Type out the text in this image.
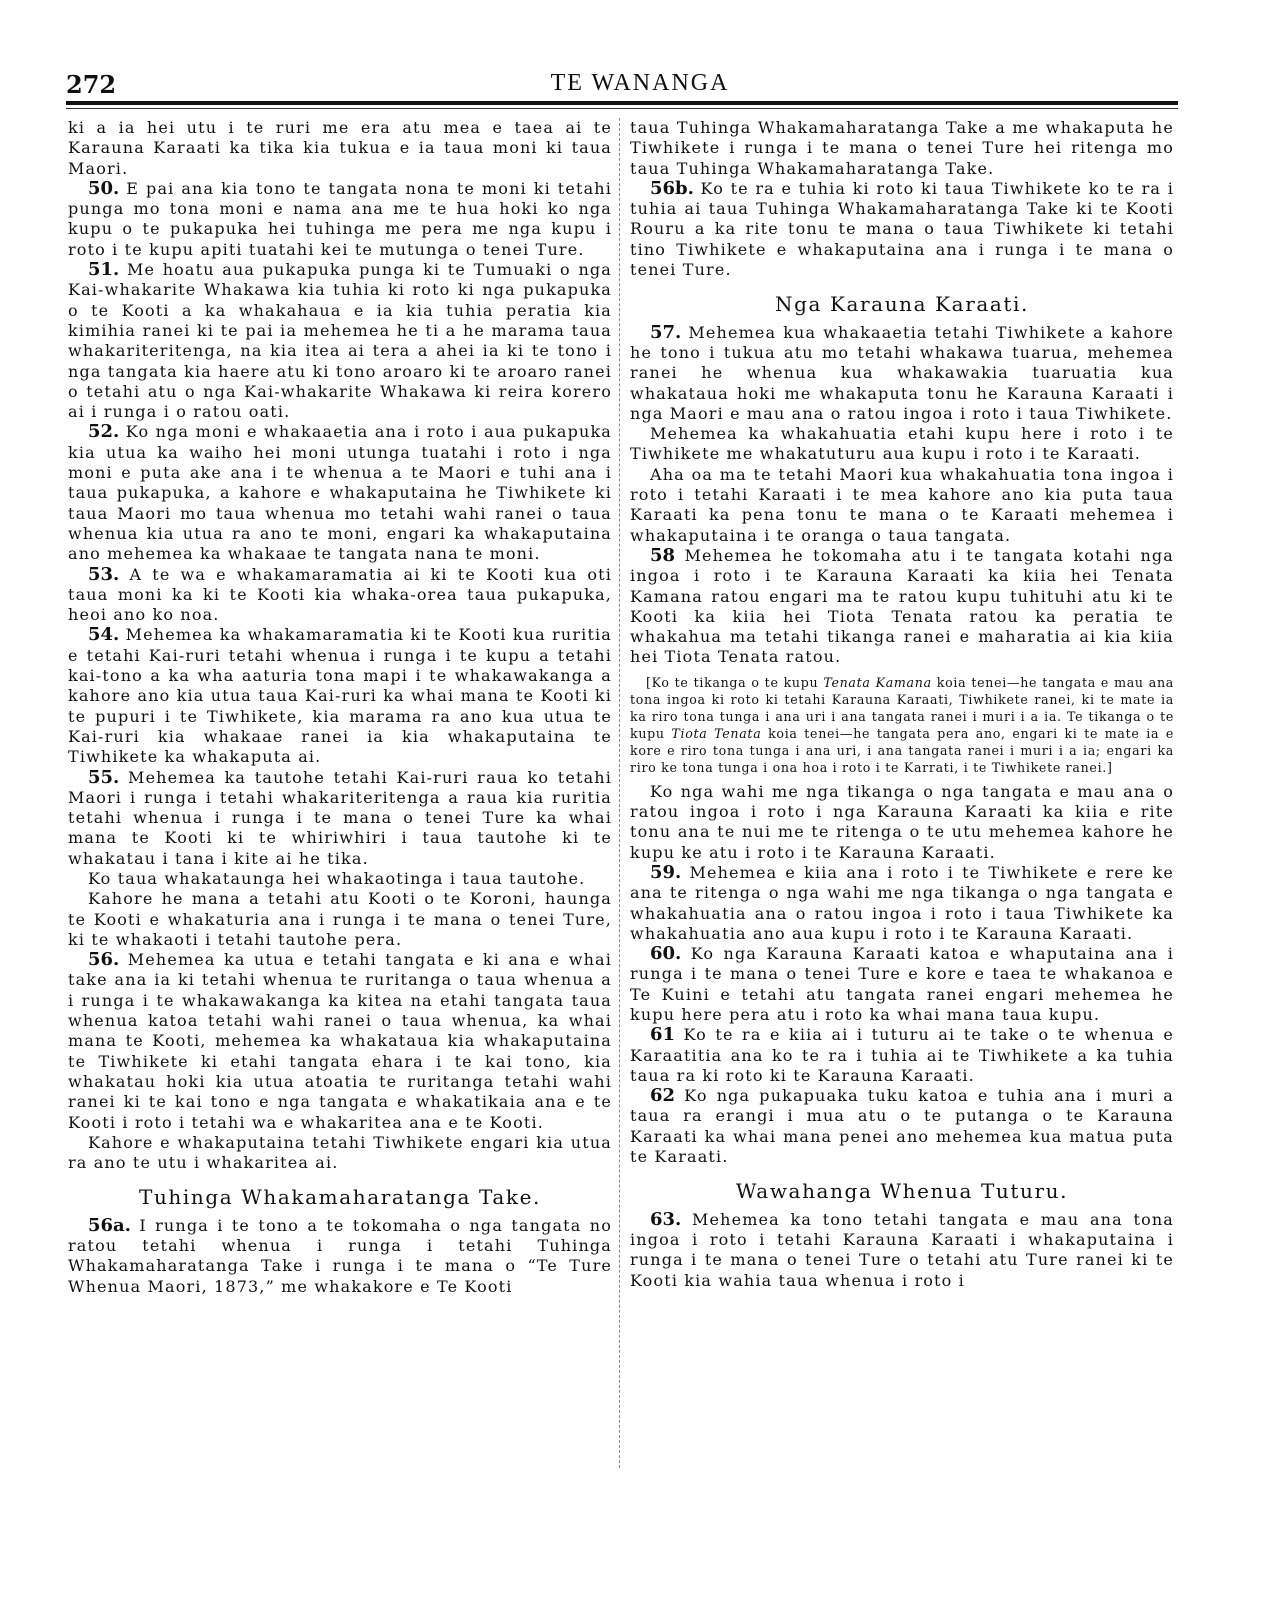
272	TE WANANGA

ki a ia hei utu i te ruri me era atu mea e taea ai te Karauna Karaati ka tika kia tukua e ia taua moni ki taua Maori.

50. E pai ana kia tono te tangata nona te moni ki tetahi punga mo tona moni e nama ana me te hua hoki ko nga kupu o te pukapuka hei tuhinga me pera me nga kupu i roto i te kupu apiti tuatahi kei te mutunga o tenei Ture.

51. Me hoatu aua pukapuka punga ki te Tumuaki o nga Kai-whakarite Whakawa kia tuhia ki roto ki nga pukapuka o te Kooti a ka whakahaua e ia kia tuhia peratia kia kimihia ranei ki te pai ia mehemea he ti a he marama taua whakariteritenga, na kia itea ai tera a ahei ia ki te tono i nga tangata kia haere atu ki tono aroaro ki te aroaro ranei o tetahi atu o nga Kai-whakarite Whakawa ki reira korero ai i runga i o ratou oati.

52. Ko nga moni e whakaaetia ana i roto i aua pukapuka kia utua ka waiho hei moni utunga tuatahi i roto i nga moni e puta ake ana i te whenua a te Maori e tuhi ana i taua pukapuka, a kahore e whakaputaina he Tiwhikete ki taua Maori mo taua whenua mo tetahi wahi ranei o taua whenua kia utua ra ano te moni, engari ka whakaputaina ano mehemea ka whakaae te tangata nana te moni.

53. A te wa e whakamaramatia ai ki te Kooti kua oti taua moni ka ki te Kooti kia whaka-orea taua pukapuka, heoi ano ko noa.

54. Mehemea ka whakamaramatia ki te Kooti kua ruritia e tetahi Kai-ruri tetahi whenua i runga i te kupu a tetahi kai-tono a ka wha aaturia tona mapi i te whakawakanga a kahore ano kia utua taua Kai-ruri ka whai mana te Kooti ki te pupuri i te Tiwhikete, kia marama ra ano kua utua te Kai-ruri kia whakaae ranei ia kia whakaputaina te Tiwhikete ka whakaputa ai.

55. Mehemea ka tautohe tetahi Kai-ruri raua ko tetahi Maori i runga i tetahi whakariteritenga a raua kia ruritia tetahi whenua i runga i te mana o tenei Ture ka whai mana te Kooti ki te whiriwhiri i taua tautohe ki te whakatau i tana i kite ai he tika.

Ko taua whakataunga hei whakaotinga i taua tautohe.

Kahore he mana a tetahi atu Kooti o te Koroni, haunga te Kooti e whakaturia ana i runga i te mana o tenei Ture, ki te whakaoti i tetahi tautohe pera.

56. Mehemea ka utua e tetahi tangata e ki ana e whai take ana ia ki tetahi whenua te ruritanga o taua whenua a i runga i te whakawakanga ka kitea na etahi tangata taua whenua katoa tetahi wahi ranei o taua whenua, ka whai mana te Kooti, mehemea ka whakataua kia whakaputaina te Tiwhikete ki etahi tangata ehara i te kai tono, kia whakatau hoki kia utua atoatia te ruritanga tetahi wahi ranei ki te kai tono e nga tangata e whakatikaia ana e te Kooti i roto i tetahi wa e whakaritea ana e te Kooti.

Kahore e whakaputaina tetahi Tiwhikete engari kia utua ra ano te utu i whakaritea ai.

Tuhinga Whakamaharatanga Take.

56a. I runga i te tono a te tokomaha o nga tangata no ratou tetahi whenua i runga i tetahi Tuhinga Whakamaharatanga Take i runga i te mana o “Te Ture Whenua Maori, 1873,” me whakakore e Te Kooti

taua Tuhinga Whakamaharatanga Take a me whakaputa he Tiwhikete i runga i te mana o tenei Ture hei ritenga mo taua Tuhinga Whakamaharatanga Take.

56b. Ko te ra e tuhia ki roto ki taua Tiwhikete ko te ra i tuhia ai taua Tuhinga Whakamaharatanga Take ki te Kooti Rouru a ka rite tonu te mana o taua Tiwhikete ki tetahi tino Tiwhikete e whakaputaina ana i runga i te mana o tenei Ture.

Nga Karauna Karaati.

57. Mehemea kua whakaaetia tetahi Tiwhikete a kahore he tono i tukua atu mo tetahi whakawa tuarua, mehemea ranei he whenua kua whakawakia tuaruatia kua whakataua hoki me whakaputa tonu he Karauna Karaati i nga Maori e mau ana o ratou ingoa i roto i taua Tiwhikete.

Mehemea ka whakahuatia etahi kupu here i roto i te Tiwhikete me whakatuturu aua kupu i roto i te Karaati.

Aha oa ma te tetahi Maori kua whakahuatia tona ingoa i roto i tetahi Karaati i te mea kahore ano kia puta taua Karaati ka pena tonu te mana o te Karaati mehemea i whakaputaina i te oranga o taua tangata.

58 Mehemea he tokomaha atu i te tangata kotahi nga ingoa i roto i te Karauna Karaati ka kiia hei Tenata Kamana ratou engari ma te ratou kupu tuhituhi atu ki te Kooti ka kiia hei Tiota Tenata ratou ka peratia te whakahua ma tetahi tikanga ranei e maharatia ai kia kiia hei Tiota Tenata ratou.

[Ko te tikanga o te kupu Tenata Kamana koia tenei—he tangata e mau ana tona ingoa ki roto ki tetahi Karauna Karaati, Tiwhikete ranei, ki te mate ia ka riro tona tunga i ana uri i ana tangata ranei i muri i a ia. Te tikanga o te kupu Tiota Tenata koia tenei—he tangata pera ano, engari ki te mate ia e kore e riro tona tunga i ana uri, i ana tangata ranei i muri i a ia; engari ka riro ke tona tunga i ona hoa i roto i te Karrati, i te Tiwhikete ranei.]

Ko nga wahi me nga tikanga o nga tangata e mau ana o ratou ingoa i roto i nga Karauna Karaati ka kiia e rite tonu ana te nui me te ritenga o te utu mehemea kahore he kupu ke atu i roto i te Karauna Karaati.

59. Mehemea e kiia ana i roto i te Tiwhikete e rere ke ana te ritenga o nga wahi me nga tikanga o nga tangata e whakahuatia ana o ratou ingoa i roto i taua Tiwhikete ka whakahuatia ano aua kupu i roto i te Karauna Karaati.

60. Ko nga Karauna Karaati katoa e whaputaina ana i runga i te mana o tenei Ture e kore e taea te whakanoa e Te Kuini e tetahi atu tangata ranei engari mehemea he kupu here pera atu i roto ka whai mana taua kupu.

61 Ko te ra e kiia ai i tuturu ai te take o te whenua e Karaatitia ana ko te ra i tuhia ai te Tiwhikete a ka tuhia taua ra ki roto ki te Karauna Karaati.

62 Ko nga pukapuaka tuku katoa e tuhia ana i muri a taua ra erangi i mua atu o te putanga o te Karauna Karaati ka whai mana penei ano mehemea kua matua puta te Karaati.

Wawahanga Whenua Tuturu.

63. Mehemea ka tono tetahi tangata e mau ana tona ingoa i roto i tetahi Karauna Karaati i whakaputaina i runga i te mana o tenei Ture o tetahi atu Ture ranei ki te Kooti kia wahia taua whenua i roto i
